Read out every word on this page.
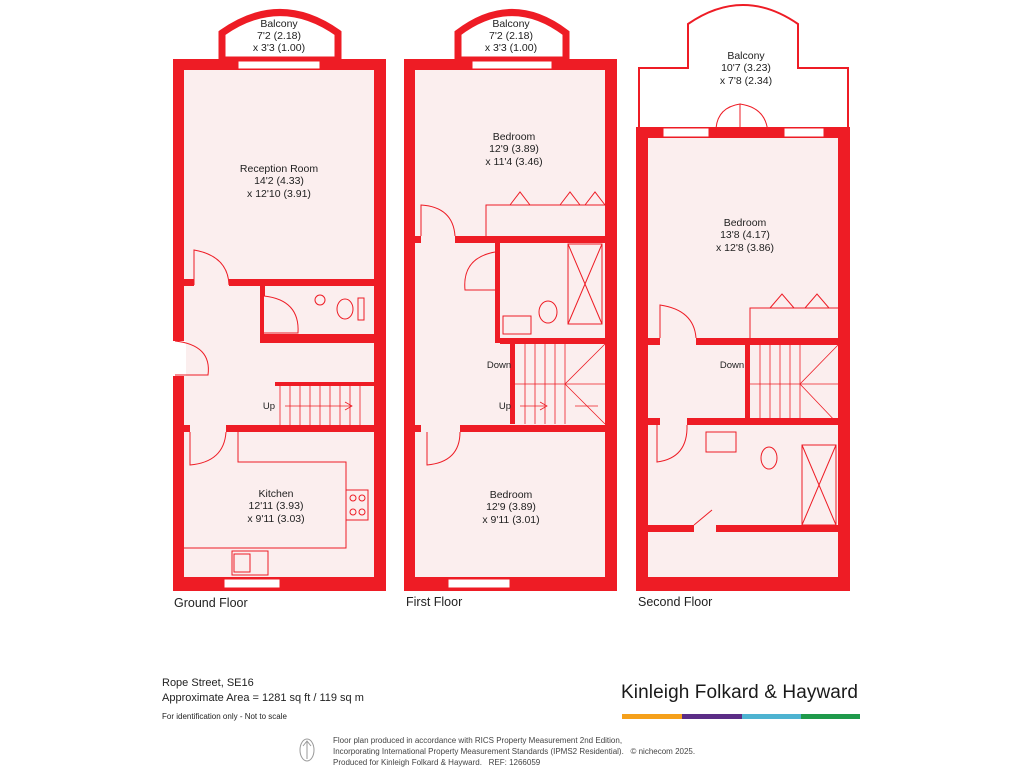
Balcony
7'2 (2.18)
x 3'3 (1.00)
Reception Room
14'2 (4.33)
x 12'10 (3.91)
Up
Kitchen
12'11 (3.93)
x 9'11 (3.03)
Ground Floor
Balcony
7'2 (2.18)
x 3'3 (1.00)
Bedroom
12'9 (3.89)
x 11'4 (3.46)
Down
Up
Bedroom
12'9 (3.89)
x 9'11 (3.01)
First Floor
Balcony
10'7 (3.23)
x 7'8 (2.34)
Bedroom
13'8 (4.17)
x 12'8 (3.86)
Down
Second Floor
Rope Street, SE16
Approximate Area = 1281 sq ft / 119 sq m
For identification only - Not to scale
Kinleigh Folkard & Hayward
Floor plan produced in accordance with RICS Property Measurement 2nd Edition,
Incorporating International Property Measurement Standards (IPMS2 Residential). © nichecom 2025.
Produced for Kinleigh Folkard & Hayward. REF: 1266059
